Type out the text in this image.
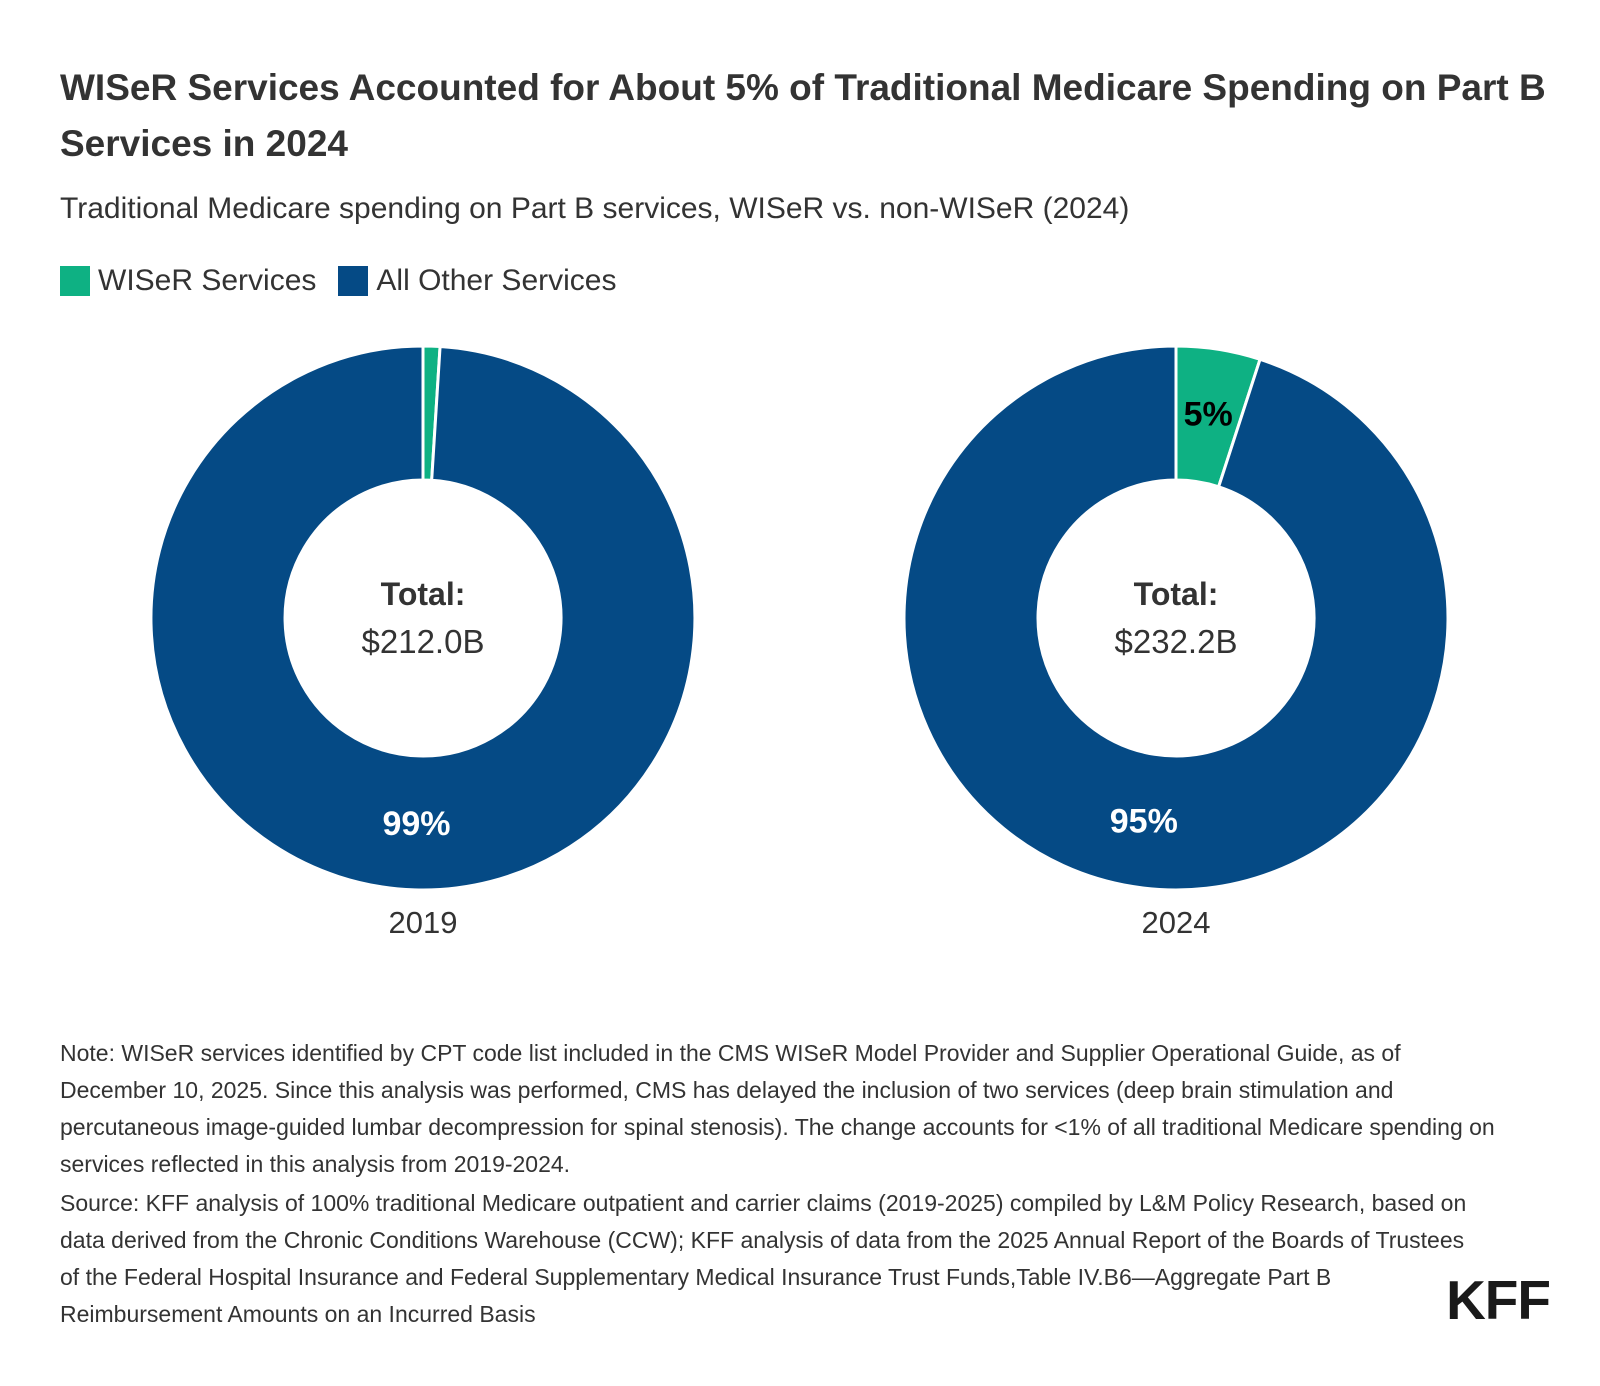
WISeR Services Accounted for About 5% of Traditional Medicare Spending on Part B Services in 2024
Traditional Medicare spending on Part B services, WISeR vs. non-WISeR (2024)
WISeR Services All Other Services
99%
Total:
$212.0B
2019
5%
95%
Total:
$232.2B
2024
Note: WISeR services identified by CPT code list included in the CMS WISeR Model Provider and Supplier Operational Guide, as of December 10, 2025. Since this analysis was performed, CMS has delayed the inclusion of two services (deep brain stimulation and percutaneous image-guided lumbar decompression for spinal stenosis). The change accounts for <1% of all traditional Medicare spending on services reflected in this analysis from 2019-2024.
Source: KFF analysis of 100% traditional Medicare outpatient and carrier claims (2019-2025) compiled by L&M Policy Research, based on data derived from the Chronic Conditions Warehouse (CCW); KFF analysis of data from the 2025 Annual Report of the Boards of Trustees of the Federal Hospital Insurance and Federal Supplementary Medical Insurance Trust Funds,Table IV.B6—Aggregate Part B Reimbursement Amounts on an Incurred Basis	KFF
